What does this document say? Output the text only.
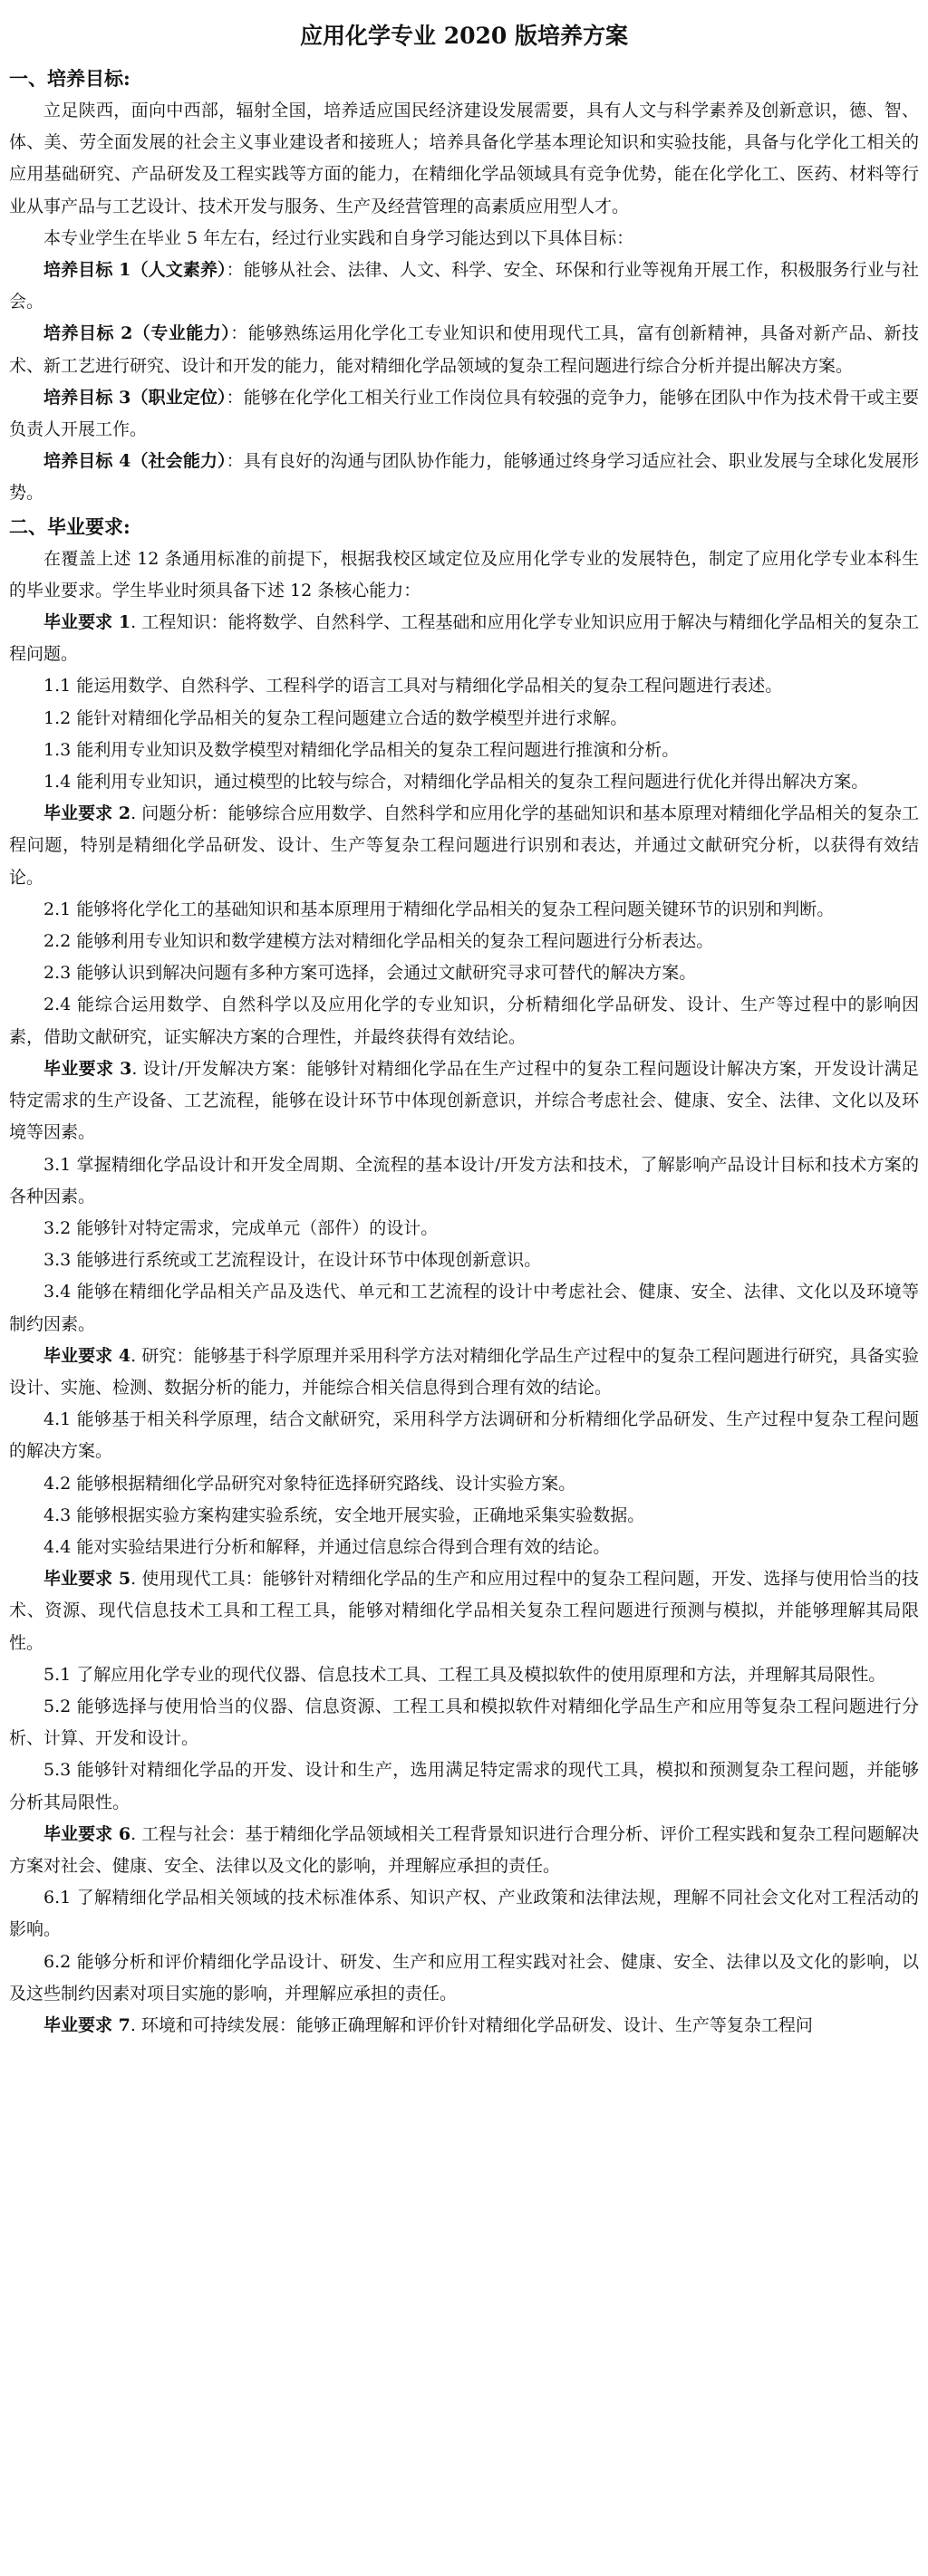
应用化学专业 2020 版培养方案
一、培养目标:

立足陕西，面向中西部，辐射全国，培养适应国民经济建设发展需要，具有人文与科学素养及创新意识，德、智、体、美、劳全面发展的社会主义事业建设者和接班人；培养具备化学基本理论知识和实验技能，具备与化学化工相关的应用基础研究、产品研发及工程实践等方面的能力，在精细化学品领域具有竞争优势，能在化学化工、医药、材料等行业从事产品与工艺设计、技术开发与服务、生产及经营管理的高素质应用型人才。

本专业学生在毕业 5 年左右，经过行业实践和自身学习能达到以下具体目标：

培养目标 1（人文素养）：能够从社会、法律、人文、科学、安全、环保和行业等视角开展工作，积极服务行业与社会。

培养目标 2（专业能力）：能够熟练运用化学化工专业知识和使用现代工具，富有创新精神，具备对新产品、新技术、新工艺进行研究、设计和开发的能力，能对精细化学品领域的复杂工程问题进行综合分析并提出解决方案。

培养目标 3（职业定位）：能够在化学化工相关行业工作岗位具有较强的竞争力，能够在团队中作为技术骨干或主要负责人开展工作。

培养目标 4（社会能力）：具有良好的沟通与团队协作能力，能够通过终身学习适应社会、职业发展与全球化发展形势。

二、毕业要求:

在覆盖上述 12 条通用标准的前提下，根据我校区域定位及应用化学专业的发展特色，制定了应用化学专业本科生的毕业要求。学生毕业时须具备下述 12 条核心能力：

毕业要求 1. 工程知识：能将数学、自然科学、工程基础和应用化学专业知识应用于解决与精细化学品相关的复杂工程问题。

1.1 能运用数学、自然科学、工程科学的语言工具对与精细化学品相关的复杂工程问题进行表述。

1.2 能针对精细化学品相关的复杂工程问题建立合适的数学模型并进行求解。

1.3 能利用专业知识及数学模型对精细化学品相关的复杂工程问题进行推演和分析。

1.4 能利用专业知识，通过模型的比较与综合，对精细化学品相关的复杂工程问题进行优化并得出解决方案。

毕业要求 2. 问题分析：能够综合应用数学、自然科学和应用化学的基础知识和基本原理对精细化学品相关的复杂工程问题，特别是精细化学品研发、设计、生产等复杂工程问题进行识别和表达，并通过文献研究分析，以获得有效结论。

2.1 能够将化学化工的基础知识和基本原理用于精细化学品相关的复杂工程问题关键环节的识别和判断。

2.2 能够利用专业知识和数学建模方法对精细化学品相关的复杂工程问题进行分析表达。

2.3 能够认识到解决问题有多种方案可选择，会通过文献研究寻求可替代的解决方案。

2.4 能综合运用数学、自然科学以及应用化学的专业知识，分析精细化学品研发、设计、生产等过程中的影响因素，借助文献研究，证实解决方案的合理性，并最终获得有效结论。

毕业要求 3. 设计/开发解决方案：能够针对精细化学品在生产过程中的复杂工程问题设计解决方案，开发设计满足特定需求的生产设备、工艺流程，能够在设计环节中体现创新意识，并综合考虑社会、健康、安全、法律、文化以及环境等因素。

3.1 掌握精细化学品设计和开发全周期、全流程的基本设计/开发方法和技术，了解影响产品设计目标和技术方案的各种因素。

3.2 能够针对特定需求，完成单元（部件）的设计。

3.3 能够进行系统或工艺流程设计，在设计环节中体现创新意识。

3.4 能够在精细化学品相关产品及迭代、单元和工艺流程的设计中考虑社会、健康、安全、法律、文化以及环境等制约因素。

毕业要求 4. 研究：能够基于科学原理并采用科学方法对精细化学品生产过程中的复杂工程问题进行研究，具备实验设计、实施、检测、数据分析的能力，并能综合相关信息得到合理有效的结论。

4.1 能够基于相关科学原理，结合文献研究，采用科学方法调研和分析精细化学品研发、生产过程中复杂工程问题的解决方案。

4.2 能够根据精细化学品研究对象特征选择研究路线、设计实验方案。

4.3 能够根据实验方案构建实验系统，安全地开展实验，正确地采集实验数据。

4.4 能对实验结果进行分析和解释，并通过信息综合得到合理有效的结论。

毕业要求 5. 使用现代工具：能够针对精细化学品的生产和应用过程中的复杂工程问题，开发、选择与使用恰当的技术、资源、现代信息技术工具和工程工具，能够对精细化学品相关复杂工程问题进行预测与模拟，并能够理解其局限性。

5.1 了解应用化学专业的现代仪器、信息技术工具、工程工具及模拟软件的使用原理和方法，并理解其局限性。

5.2 能够选择与使用恰当的仪器、信息资源、工程工具和模拟软件对精细化学品生产和应用等复杂工程问题进行分析、计算、开发和设计。

5.3 能够针对精细化学品的开发、设计和生产，选用满足特定需求的现代工具，模拟和预测复杂工程问题，并能够分析其局限性。

毕业要求 6. 工程与社会：基于精细化学品领域相关工程背景知识进行合理分析、评价工程实践和复杂工程问题解决方案对社会、健康、安全、法律以及文化的影响，并理解应承担的责任。

6.1 了解精细化学品相关领域的技术标准体系、知识产权、产业政策和法律法规，理解不同社会文化对工程活动的影响。

6.2 能够分析和评价精细化学品设计、研发、生产和应用工程实践对社会、健康、安全、法律以及文化的影响，以及这些制约因素对项目实施的影响，并理解应承担的责任。

毕业要求 7. 环境和可持续发展：能够正确理解和评价针对精细化学品研发、设计、生产等复杂工程问
